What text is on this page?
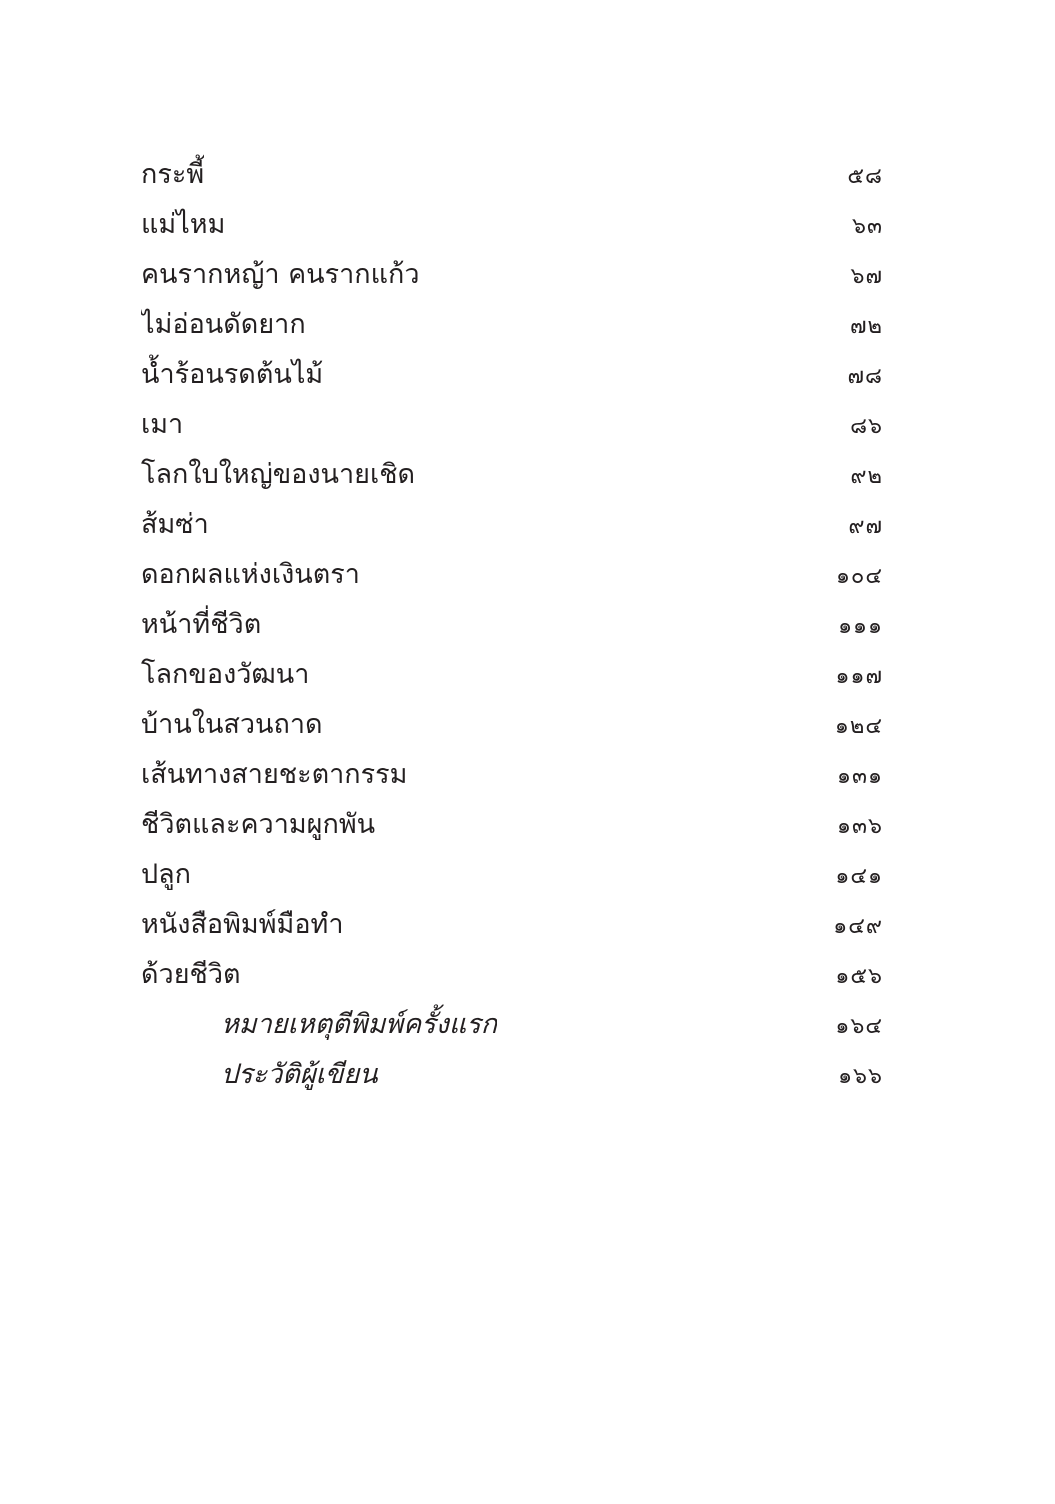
กระพี้	๕๘
แม่ไหม	๖๓
คนรากหญ้า คนรากแก้ว	๖๗
ไม่อ่อนดัดยาก	๗๒
น้ำร้อนรดต้นไม้	๗๘
เมา	๘๖
โลกใบใหญ่ของนายเชิด	๙๒
ส้มซ่า	๙๗
ดอกผลแห่งเงินตรา	๑๐๔
หน้าที่ชีวิต	๑๑๑
โลกของวัฒนา	๑๑๗
บ้านในสวนถาด	๑๒๔
เส้นทางสายชะตากรรม	๑๓๑
ชีวิตและความผูกพัน	๑๓๖
ปลูก	๑๔๑
หนังสือพิมพ์มือทำ	๑๔๙
ด้วยชีวิต	๑๕๖
หมายเหตุตีพิมพ์ครั้งแรก	๑๖๔
ประวัติผู้เขียน	๑๖๖
